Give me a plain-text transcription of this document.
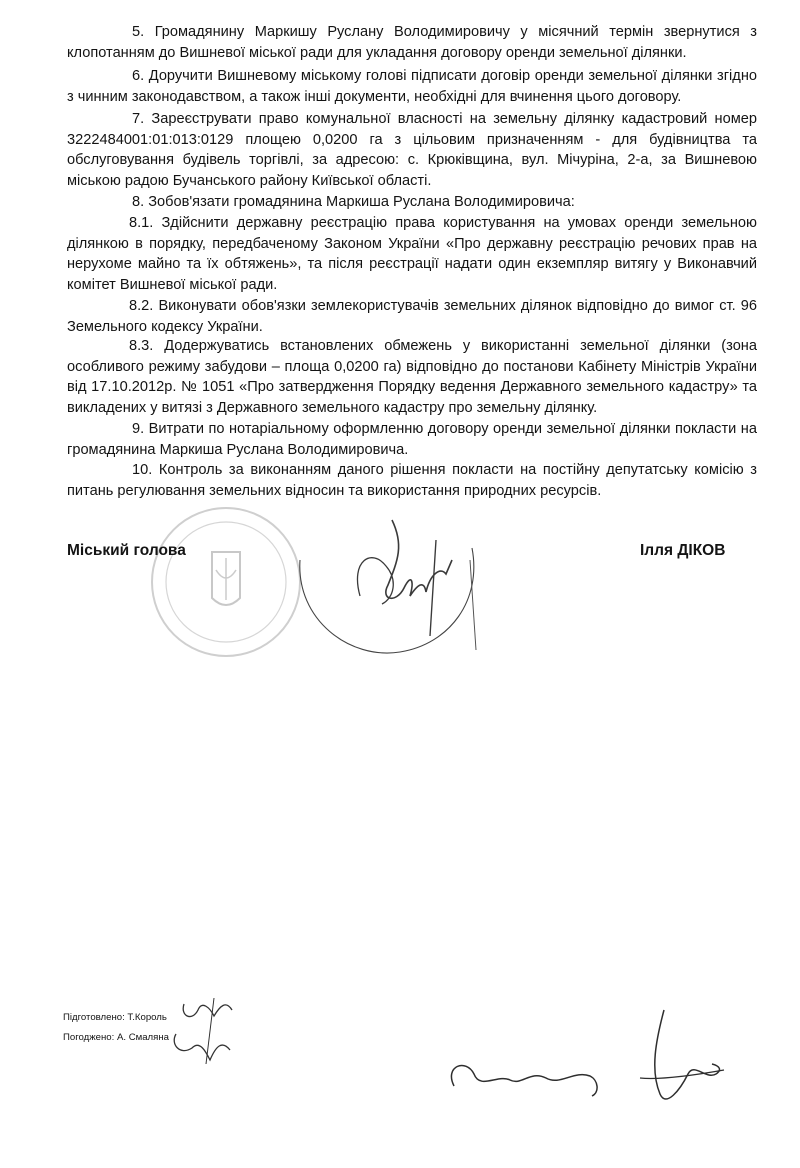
5. Громадянину Маркишу Руслану Володимировичу у місячний термін звернутися з клопотанням до Вишневої міської ради для укладання договору оренди земельної ділянки.

6. Доручити Вишневому міському голові підписати договір оренди земельної ділянки згідно з чинним законодавством, а також інші документи, необхідні для вчинення цього договору.

7. Зареєструвати право комунальної власності на земельну ділянку кадастровий номер 3222484001:01:013:0129 площею 0,0200 га з цільовим призначенням - для будівництва та обслуговування будівель торгівлі, за адресою: с. Крюківщина, вул. Мічуріна, 2-а, за Вишневою міською радою Бучанського району Київської області.

8. Зобов'язати громадянина Маркиша Руслана Володимировича:

8.1. Здійснити державну реєстрацію права користування на умовах оренди земельною ділянкою в порядку, передбаченому Законом України «Про державну реєстрацію речових прав на нерухоме майно та їх обтяжень», та після реєстрації надати один екземпляр витягу у Виконавчий комітет Вишневої міської ради.

8.2. Виконувати обов'язки землекористувачів земельних ділянок відповідно до вимог ст. 96 Земельного кодексу України.

8.3. Додержуватись встановлених обмежень у використанні земельної ділянки (зона особливого режиму забудови – площа 0,0200 га) відповідно до постанови Кабінету Міністрів України від 17.10.2012р. № 1051 «Про затвердження Порядку ведення Державного земельного кадастру» та викладених у витязі з Державного земельного кадастру про земельну ділянку.

9. Витрати по нотаріальному оформленню договору оренди земельної ділянки покласти на громадянина Маркиша Руслана Володимировича.

10. Контроль за виконанням даного рішення покласти на постійну депутатську комісію з питань регулювання земельних відносин та використання природних ресурсів.

Міський голова	Ілля ДІКОВ
Підготовлено: Т.Король
Погоджено: А. Смаляна
